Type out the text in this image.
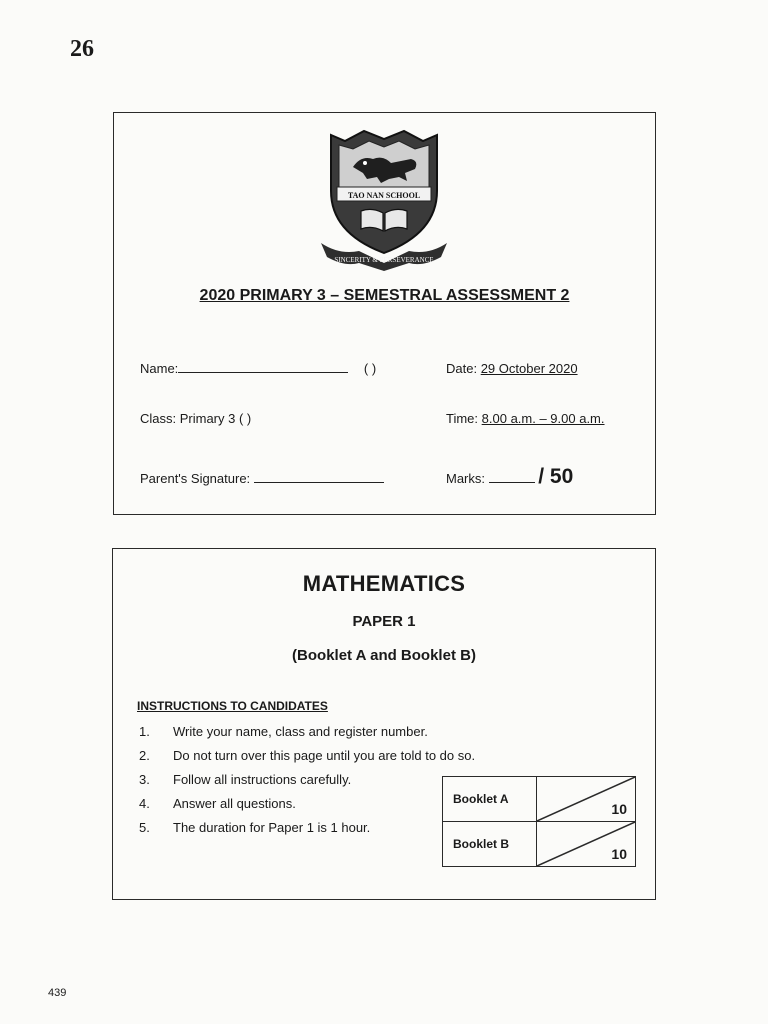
26
TAO NAN SCHOOL
SINCERITY & PERSEVERANCE
2020 PRIMARY 3 – SEMESTRAL ASSESSMENT 2
Name:	( )	Date: 29 October 2020
Class: Primary 3 ( )	Time: 8.00 a.m. – 9.00 a.m.
Parent's Signature:	Marks:	/ 50
MATHEMATICS
PAPER 1
(Booklet A and Booklet B)
INSTRUCTIONS TO CANDIDATES
1. Write your name, class and register number.
2. Do not turn over this page until you are told to do so.
3. Follow all instructions carefully.
4. Answer all questions.
5. The duration for Paper 1 is 1 hour.
Booklet A	10

Booklet B	10
439
